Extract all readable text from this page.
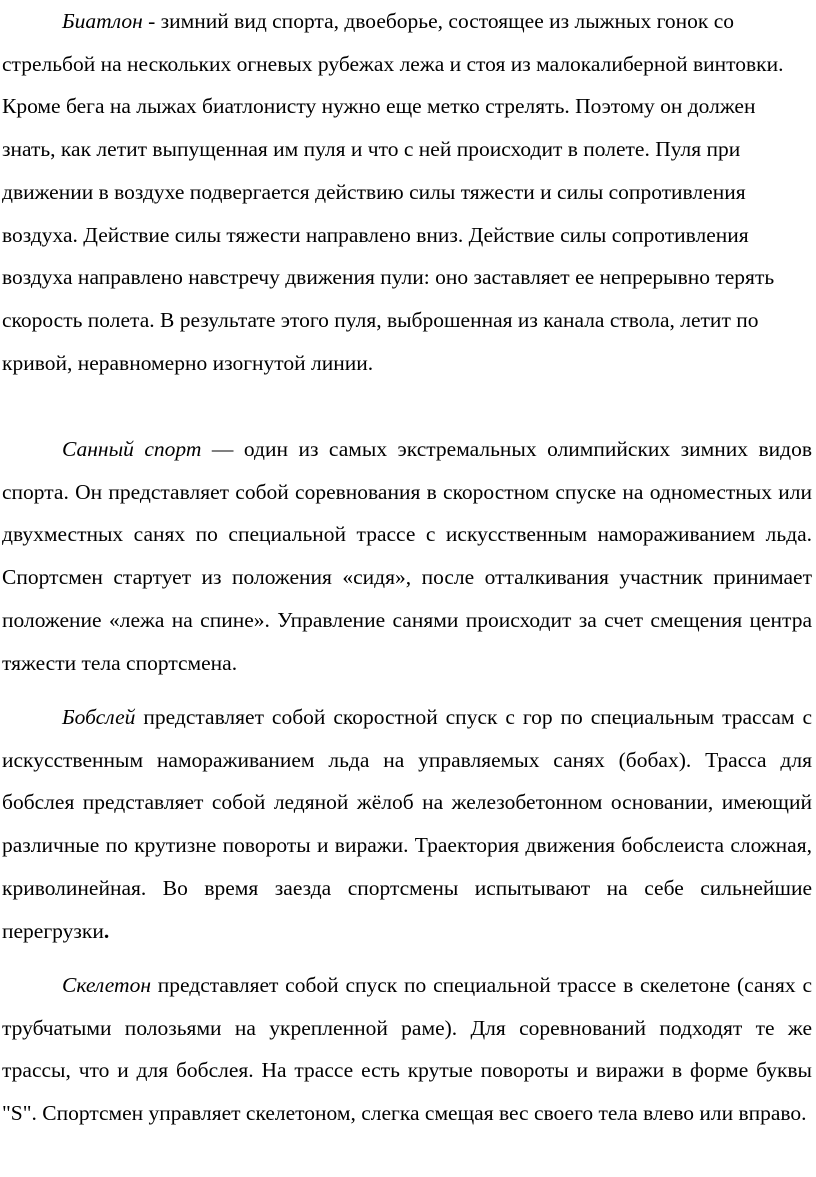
Биатлон - зимний вид спорта, двоеборье, состоящее из лыжных гонок со стрельбой на нескольких огневых рубежах лежа и стоя из малокалиберной винтовки. Кроме бега на лыжах биатлонисту нужно еще метко стрелять. Поэтому он должен знать, как летит выпущенная им пуля и что с ней происходит в полете. Пуля при движении в воздухе подвергается действию силы тяжести и силы сопротивления воздуха. Действие силы тяжести направлено вниз. Действие силы сопротивления воздуха направлено навстречу движения пули: оно заставляет ее непрерывно терять скорость полета. В результате этого пуля, выброшенная из канала ствола, летит по кривой, неравномерно изогнутой линии.

Санный спорт — один из самых экстремальных олимпийских зимних видов спорта. Он представляет собой соревнования в скоростном спуске на одноместных или двухместных санях по специальной трассе с искусственным намораживанием льда. Спортсмен стартует из положения «сидя», после отталкивания участник принимает положение «лежа на спине». Управление санями происходит за счет смещения центра тяжести тела спортсмена.

Бобслей представляет собой скоростной спуск с гор по специальным трассам с искусственным намораживанием льда на управляемых санях (бобах). Трасса для бобслея представляет собой ледяной жёлоб на железобетонном основании, имеющий различные по крутизне повороты и виражи. Траектория движения бобслеиста сложная, криволинейная. Во время заезда спортсмены испытывают на себе сильнейшие перегрузки.

Скелетон представляет собой спуск по специальной трассе в скелетоне (санях с трубчатыми полозьями на укрепленной раме). Для соревнований подходят те же трассы, что и для бобслея. На трассе есть крутые повороты и виражи в форме буквы "S". Спортсмен управляет скелетоном, слегка смещая вес своего тела влево или вправо.
